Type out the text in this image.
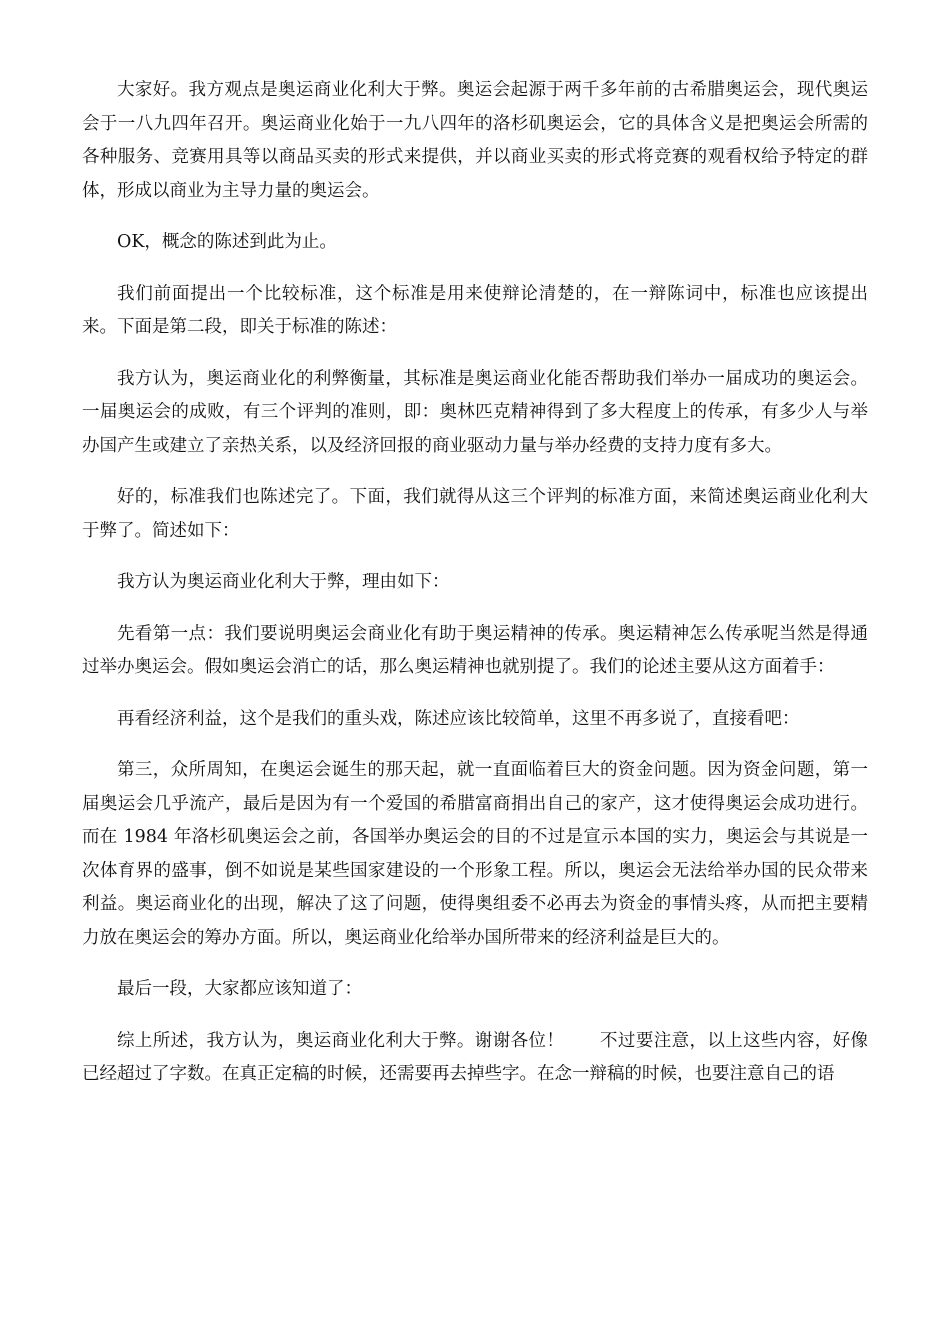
大家好。我方观点是奥运商业化利大于弊。奥运会起源于两千多年前的古希腊奥运会，现代奥运会于一八九四年召开。奥运商业化始于一九八四年的洛杉矶奥运会，它的具体含义是把奥运会所需的各种服务、竞赛用具等以商品买卖的形式来提供，并以商业买卖的形式将竞赛的观看权给予特定的群体，形成以商业为主导力量的奥运会。

OK，概念的陈述到此为止。

我们前面提出一个比较标准，这个标准是用来使辩论清楚的，在一辩陈词中，标准也应该提出来。下面是第二段，即关于标准的陈述：

我方认为，奥运商业化的利弊衡量，其标准是奥运商业化能否帮助我们举办一届成功的奥运会。一届奥运会的成败，有三个评判的准则，即：奥林匹克精神得到了多大程度上的传承，有多少人与举办国产生或建立了亲热关系，以及经济回报的商业驱动力量与举办经费的支持力度有多大。

好的，标准我们也陈述完了。下面，我们就得从这三个评判的标准方面，来简述奥运商业化利大于弊了。简述如下：

我方认为奥运商业化利大于弊，理由如下：

先看第一点：我们要说明奥运会商业化有助于奥运精神的传承。奥运精神怎么传承呢当然是得通过举办奥运会。假如奥运会消亡的话，那么奥运精神也就别提了。我们的论述主要从这方面着手：

再看经济利益，这个是我们的重头戏，陈述应该比较简单，这里不再多说了，直接看吧：

第三，众所周知，在奥运会诞生的那天起，就一直面临着巨大的资金问题。因为资金问题，第一届奥运会几乎流产，最后是因为有一个爱国的希腊富商捐出自己的家产，这才使得奥运会成功进行。而在 1984 年洛杉矶奥运会之前，各国举办奥运会的目的不过是宣示本国的实力，奥运会与其说是一次体育界的盛事，倒不如说是某些国家建设的一个形象工程。所以，奥运会无法给举办国的民众带来利益。奥运商业化的出现，解决了这了问题，使得奥组委不必再去为资金的事情头疼，从而把主要精力放在奥运会的筹办方面。所以，奥运商业化给举办国所带来的经济利益是巨大的。

最后一段，大家都应该知道了：

综上所述，我方认为，奥运商业化利大于弊。谢谢各位！　　不过要注意，以上这些内容，好像已经超过了字数。在真正定稿的时候，还需要再去掉些字。在念一辩稿的时候，也要注意自己的语
